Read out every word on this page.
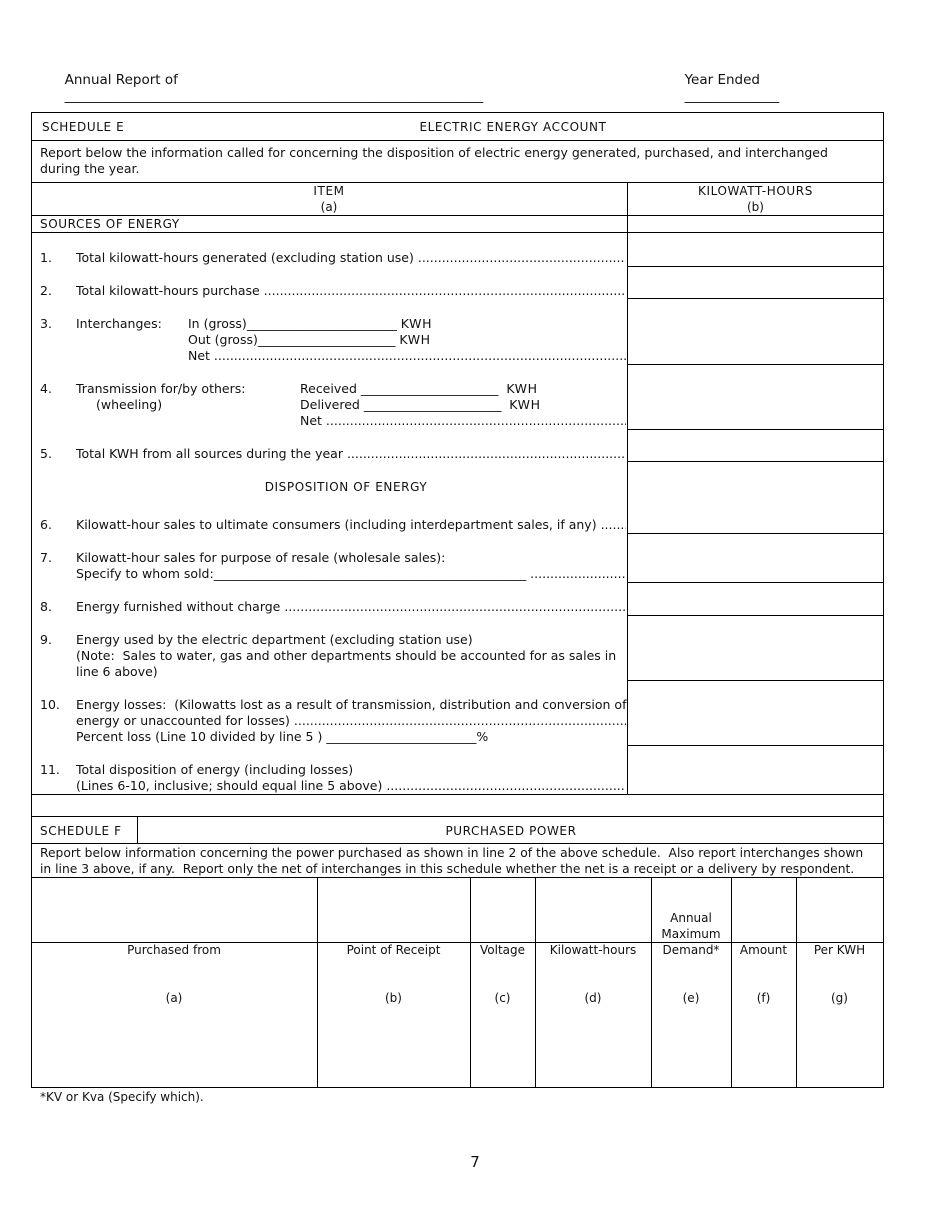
Annual Report of
______________________________________________________________

Year Ended
______________

SCHEDULE E	ELECTRIC ENERGY ACCOUNT
Report below the information called for concerning the disposition of electric energy generated, purchased, and interchanged during the year.
ITEM
(a)
KILOWATT-HOURS
(b)
SOURCES OF ENERGY
1. Total kilowatt-hours generated (excluding station use) .....
2. Total kilowatt-hours purchase .....
3. Interchanges: In (gross)________________________ KWH
Out (gross)______________________ KWH
Net .....
4. Transmission for/by others:
(wheeling)
Received ______________________ KWH
Delivered ______________________ KWH
Net .....
5. Total KWH from all sources during the year .....
DISPOSITION OF ENERGY
6. Kilowatt-hour sales to ultimate consumers (including interdepartment sales, if any) .....
7. Kilowatt-hour sales for purpose of resale (wholesale sales):
Specify to whom sold:__________________________________________________ .....
8. Energy furnished without charge .....
9. Energy used by the electric department (excluding station use)
(Note:  Sales to water, gas and other departments should be accounted for as sales in
line 6 above)
10. Energy losses:  (Kilowatts lost as a result of transmission, distribution and conversion of
energy or unaccounted for losses) .....
Percent loss (Line 10 divided by line 5 ) ________________________%
11. Total disposition of energy (including losses)
(Lines 6-10, inclusive; should equal line 5 above) .....
SCHEDULE F	PURCHASED POWER
Report below information concerning the power purchased as shown in line 2 of the above schedule.  Also report interchanges shown
in line 3 above, if any.  Report only the net of interchanges in this schedule whether the net is a receipt or a delivery by respondent.

Purchased from

(a)

Point of Receipt

(b)

Voltage

(c)

Kilowatt-hours

(d)

Annual
Maximum
Demand*

(e)

Amount

(f)

Per KWH

(g)

*KV or Kva (Specify which).
7
